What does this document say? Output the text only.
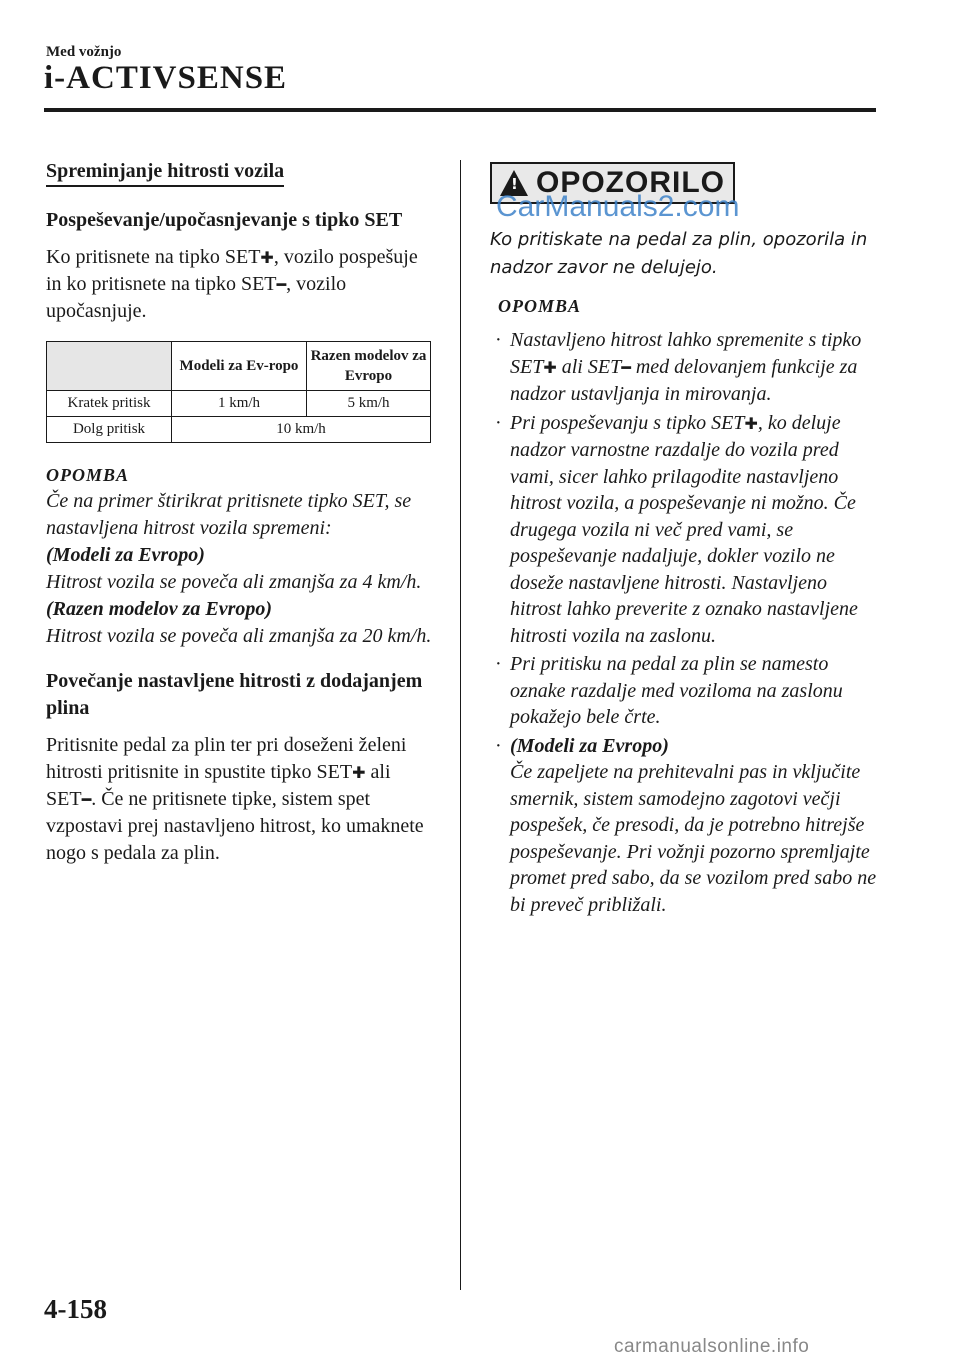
Med vožnjo
i-ACTIVSENSE
Spreminjanje hitrosti vozila
Pospeševanje/upočasnjevanje s tipko SET

Ko pritisnete na tipko SET✚, vozilo pospešuje in ko pritisnete na tipko SET━, vozilo upočasnjuje.

	Modeli za Ev-ropo	Razen modelov za Evropo
Kratek pritisk	1 km/h	5 km/h
Dolg pritisk	10 km/h	
OPOMBA

Če na primer štirikrat pritisnete tipko SET, se nastavljena hitrost vozila spremeni:

(Modeli za Evropo)

Hitrost vozila se poveča ali zmanjša za 4 km/h.

(Razen modelov za Evropo)

Hitrost vozila se poveča ali zmanjša za 20 km/h.

Povečanje nastavljene hitrosti z dodajanjem plina

Pritisnite pedal za plin ter pri doseženi želeni hitrosti pritisnite in spustite tipko SET✚ ali SET━. Če ne pritisnete tipke, sistem spet vzpostavi prej nastavljeno hitrost, ko umaknete nogo s pedala za plin.

! OPOZORILO
CarManuals2.com

Ko pritiskate na pedal za plin, opozorila in nadzor zavor ne delujejo.

OPOMBA
· Nastavljeno hitrost lahko spremenite s tipko SET✚ ali SET━ med delovanjem funkcije za nadzor ustavljanja in mirovanja.
· Pri pospeševanju s tipko SET✚, ko deluje nadzor varnostne razdalje do vozila pred vami, sicer lahko prilagodite nastavljeno hitrost vozila, a pospeševanje ni možno. Če drugega vozila ni več pred vami, se pospeševanje nadaljuje, dokler vozilo ne doseže nastavljene hitrosti. Nastavljeno hitrost lahko preverite z oznako nastavljene hitrosti vozila na zaslonu.
· Pri pritisku na pedal za plin se namesto oznake razdalje med voziloma na zaslonu pokažejo bele črte.
· (Modeli za Evropo)
Če zapeljete na prehitevalni pas in vključite smernik, sistem samodejno zagotovi večji pospešek, če presodi, da je potrebno hitrejše pospeševanje. Pri vožnji pozorno spremljajte promet pred sabo, da se vozilom pred sabo ne bi preveč približali.
4-158
carmanualsonline.info
